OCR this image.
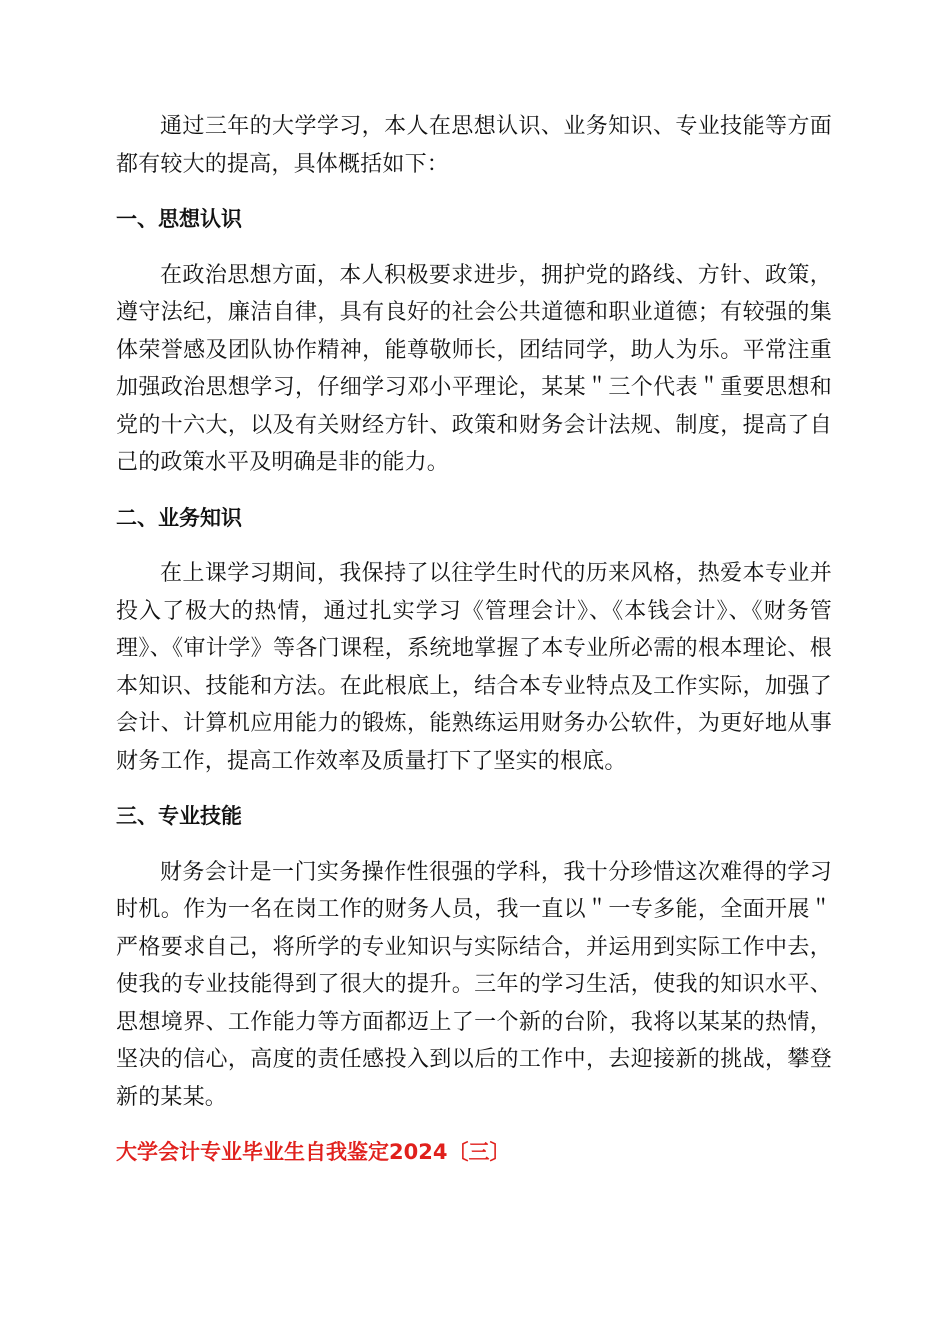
通过三年的大学学习，本人在思想认识、业务知识、专业技能等方面都有较大的提高，具体概括如下：

一、思想认识

在政治思想方面，本人积极要求进步，拥护党的路线、方针、政策，遵守法纪，廉洁自律，具有良好的社会公共道德和职业道德；有较强的集体荣誉感及团队协作精神，能尊敬师长，团结同学，助人为乐。平常注重加强政治思想学习，仔细学习邓小平理论，某某＂三个代表＂重要思想和党的十六大，以及有关财经方针、政策和财务会计法规、制度，提高了自己的政策水平及明确是非的能力。

二、业务知识

在上课学习期间，我保持了以往学生时代的历来风格，热爱本专业并投入了极大的热情，通过扎实学习《管理会计》、《本钱会计》、《财务管理》、《审计学》等各门课程，系统地掌握了本专业所必需的根本理论、根本知识、技能和方法。在此根底上，结合本专业特点及工作实际，加强了会计、计算机应用能力的锻炼，能熟练运用财务办公软件，为更好地从事财务工作，提高工作效率及质量打下了坚实的根底。

三、专业技能

财务会计是一门实务操作性很强的学科，我十分珍惜这次难得的学习时机。作为一名在岗工作的财务人员，我一直以＂一专多能，全面开展＂严格要求自己，将所学的专业知识与实际结合，并运用到实际工作中去，使我的专业技能得到了很大的提升。三年的学习生活，使我的知识水平、思想境界、工作能力等方面都迈上了一个新的台阶，我将以某某的热情，坚决的信心，高度的责任感投入到以后的工作中，去迎接新的挑战，攀登新的某某。

大学会计专业毕业生自我鉴定2024〔三〕
